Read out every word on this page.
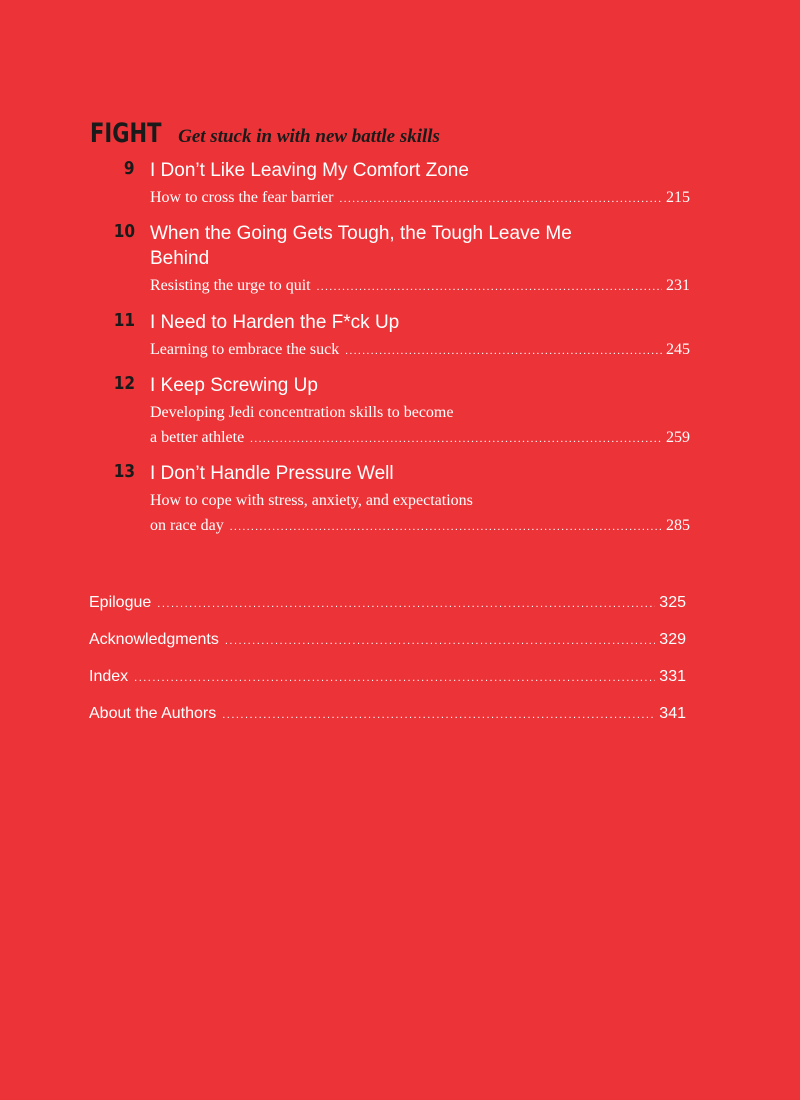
FIGHT Get stuck in with new battle skills
9 I Don’t Like Leaving My Comfort Zone
How to cross the fear barrier .....	215
10 When the Going Gets Tough, the Tough Leave Me Behind
Resisting the urge to quit .....	231
11 I Need to Harden the F*ck Up
Learning to embrace the suck .....	245
12 I Keep Screwing Up
Developing Jedi concentration skills to become
a better athlete .....	259
13 I Don’t Handle Pressure Well
How to cope with stress, anxiety, and expectations
on race day .....	285
Epilogue .....	325
Acknowledgments .....	329
Index .....	331
About the Authors .....	341
